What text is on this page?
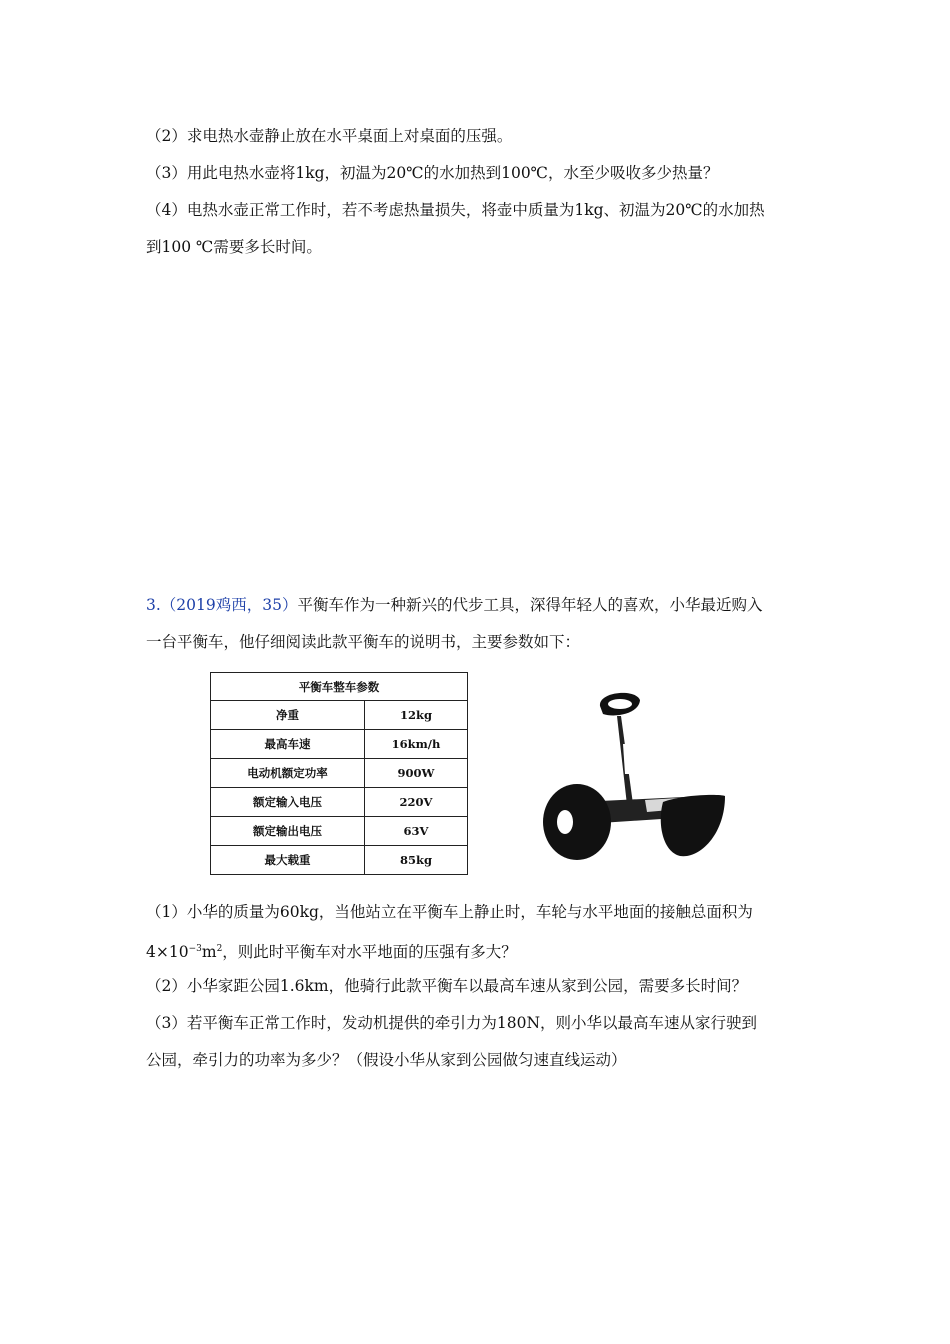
（2）求电热水壶静止放在水平桌面上对桌面的压强。
（3）用此电热水壶将1kg，初温为20℃的水加热到100℃，水至少吸收多少热量？
（4）电热水壶正常工作时，若不考虑热量损失，将壶中质量为1kg、初温为20℃的水加热
到100 ℃需要多长时间。
3.（2019鸡西，35）平衡车作为一种新兴的代步工具，深得年轻人的喜欢，小华最近购入
一台平衡车，他仔细阅读此款平衡车的说明书，主要参数如下：
平衡车整车参数	
净重	12kg
最高车速	16km/h
电动机额定功率	900W
额定输入电压	220V
额定输出电压	63V
最大载重	85kg
（1）小华的质量为60kg，当他站立在平衡车上静止时，车轮与水平地面的接触总面积为
$4\times 10^{-3}m^2$，则此时平衡车对水平地面的压强有多大？
（2）小华家距公园1.6km，他骑行此款平衡车以最高车速从家到公园，需要多长时间？
（3）若平衡车正常工作时，发动机提供的牵引力为180N，则小华以最高车速从家行驶到
公园，牵引力的功率为多少？（假设小华从家到公园做匀速直线运动）
